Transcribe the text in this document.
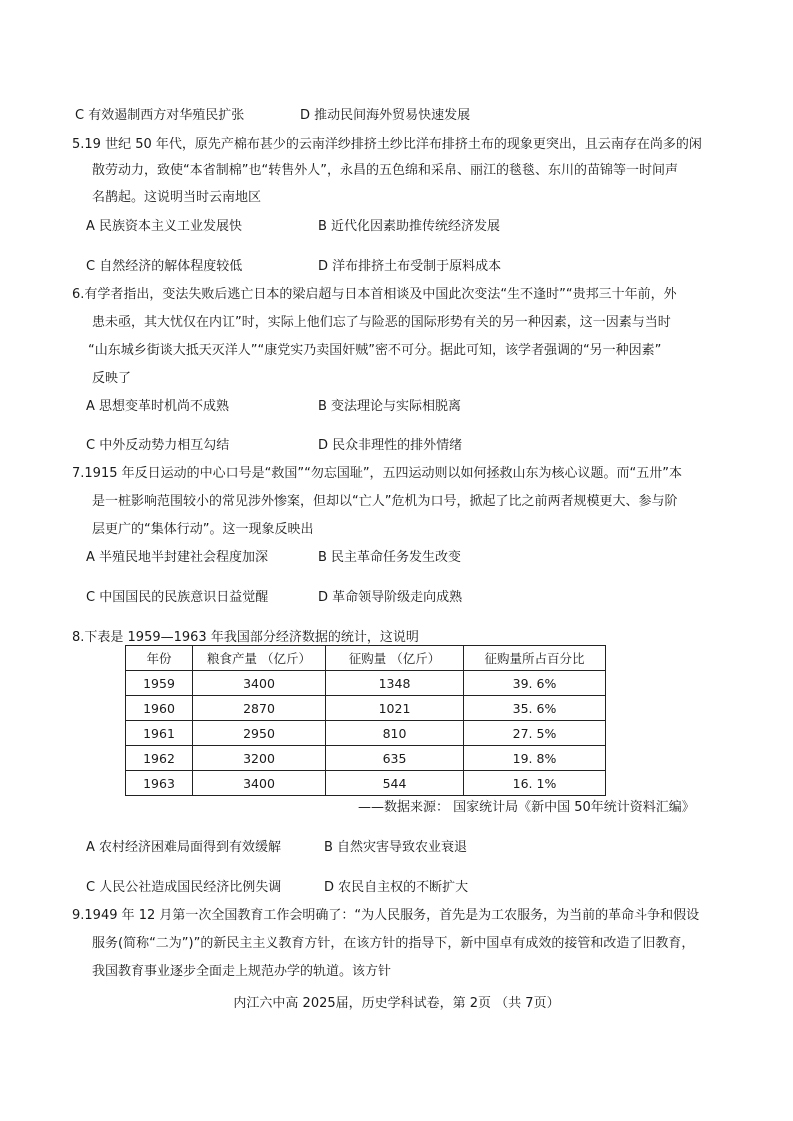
C 有效遏制西方对华殖民扩张	D 推动民间海外贸易快速发展
5.19 世纪 50 年代，原先产棉布甚少的云南洋纱排挤土纱比洋布排挤土布的现象更突出，且云南存在尚多的闲
散劳动力，致使“本省制棉”也“转售外人”，永昌的五色绵和采帛、丽江的毯毯、东川的苗锦等一时间声
名鹊起。这说明当时云南地区
A 民族资本主义工业发展快	B 近代化因素助推传统经济发展
C 自然经济的解体程度较低	D 洋布排挤土布受制于原料成本
6.有学者指出，变法失败后逃亡日本的梁启超与日本首相谈及中国此次变法“生不逢时”“贵邦三十年前，外
患未亟，其大忧仅在内讧”时，实际上他们忘了与险恶的国际形势有关的另一种因素，这一因素与当时
“山东城乡街谈大抵天灭洋人”“康党实乃卖国奸贼”密不可分。据此可知，该学者强调的“另一种因素”
反映了
A 思想变革时机尚不成熟	B 变法理论与实际相脱离
C 中外反动势力相互勾结	D 民众非理性的排外情绪
7.1915 年反日运动的中心口号是“救国”“勿忘国耻”，五四运动则以如何拯救山东为核心议题。而“五卅”本
是一桩影响范围较小的常见涉外惨案，但却以“亡人”危机为口号，掀起了比之前两者规模更大、参与阶
层更广的“集体行动”。这一现象反映出
A 半殖民地半封建社会程度加深	B 民主革命任务发生改变
C 中国国民的民族意识日益觉醒	D 革命领导阶级走向成熟
8.下表是 1959—1963 年我国部分经济数据的统计，这说明
年份	粮食产量 （亿斤）	征购量 （亿斤）	征购量所占百分比
1959	3400	1348	39. 6%
1960	2870	1021	35. 6%
1961	2950	810	27. 5%
1962	3200	635	19. 8%
1963	3400	544	16. 1%
——数据来源： 国家统计局《新中国 50年统计资料汇编》
A 农村经济困难局面得到有效缓解	B 自然灾害导致农业衰退
C 人民公社造成国民经济比例失调	D 农民自主权的不断扩大
9.1949 年 12 月第一次全国教育工作会明确了：“为人民服务，首先是为工农服务，为当前的革命斗争和假设
服务(简称“二为”)”的新民主主义教育方针，在该方针的指导下，新中国卓有成效的接管和改造了旧教育，
我国教育事业逐步全面走上规范办学的轨道。该方针
内江六中高 2025届，历史学科试卷，第 2页 （共 7页）
